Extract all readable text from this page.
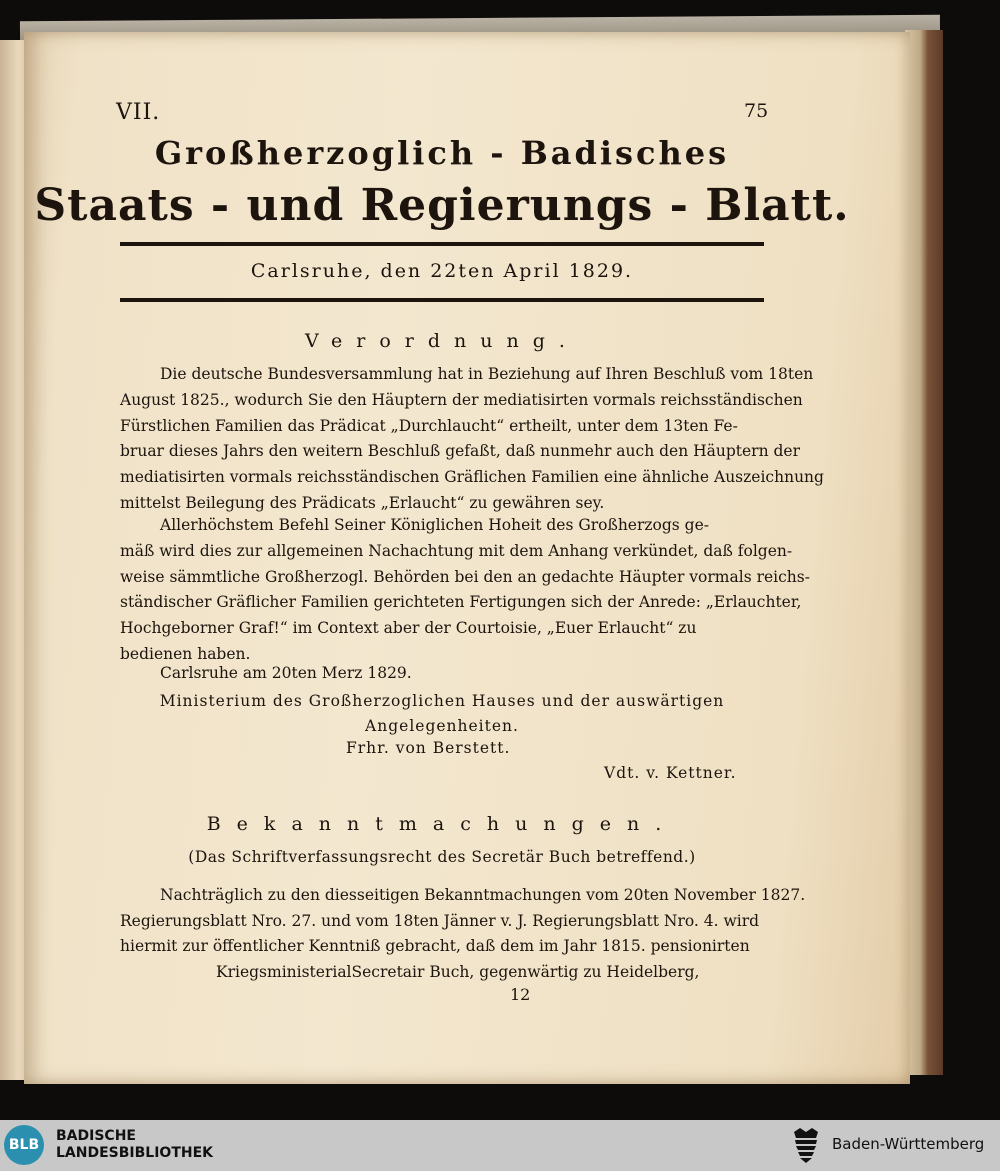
VII.	75
Großherzoglich - Badisches
Staats - und Regierungs - Blatt.
Carlsruhe, den 22ten April 1829.
Verordnung.
Die deutsche Bundesversammlung hat in Beziehung auf Ihren Beschluß vom 18ten
August 1825., wodurch Sie den Häuptern der mediatisirten vormals reichsständischen
Fürstlichen Familien das Prädicat „Durchlaucht“ ertheilt, unter dem 13ten Fe-
bruar dieses Jahrs den weitern Beschluß gefaßt, daß nunmehr auch den Häuptern der
mediatisirten vormals reichsständischen Gräflichen Familien eine ähnliche Auszeichnung
mittelst Beilegung des Prädicats „Erlaucht“ zu gewähren sey.
Allerhöchstem Befehl Seiner Königlichen Hoheit des Großherzogs ge-
mäß wird dies zur allgemeinen Nachachtung mit dem Anhang verkündet, daß folgen-
weise sämmtliche Großherzogl. Behörden bei den an gedachte Häupter vormals reichs-
ständischer Gräflicher Familien gerichteten Fertigungen sich der Anrede: „Erlauchter,
Hochgeborner Graf!“ im Context aber der Courtoisie, „Euer Erlaucht“ zu
bedienen haben.
Carlsruhe am 20ten Merz 1829.
Ministerium des Großherzoglichen Hauses und der auswärtigen Angelegenheiten.
Frhr. von Berstett.
Vdt. v. Kettner.
Bekanntmachungen.
(Das Schriftverfassungsrecht des Secretär Buch betreffend.)
Nachträglich zu den diesseitigen Bekanntmachungen vom 20ten November 1827.
Regierungsblatt Nro. 27. und vom 18ten Jänner v. J. Regierungsblatt Nro. 4. wird
hiermit zur öffentlicher Kenntniß gebracht, daß dem im Jahr 1815. pensionirten
KriegsministerialSecretair Buch, gegenwärtig zu Heidelberg,
12
BLB
BADISCHE
LANDESBIBLIOTHEK	Baden-Württemberg
